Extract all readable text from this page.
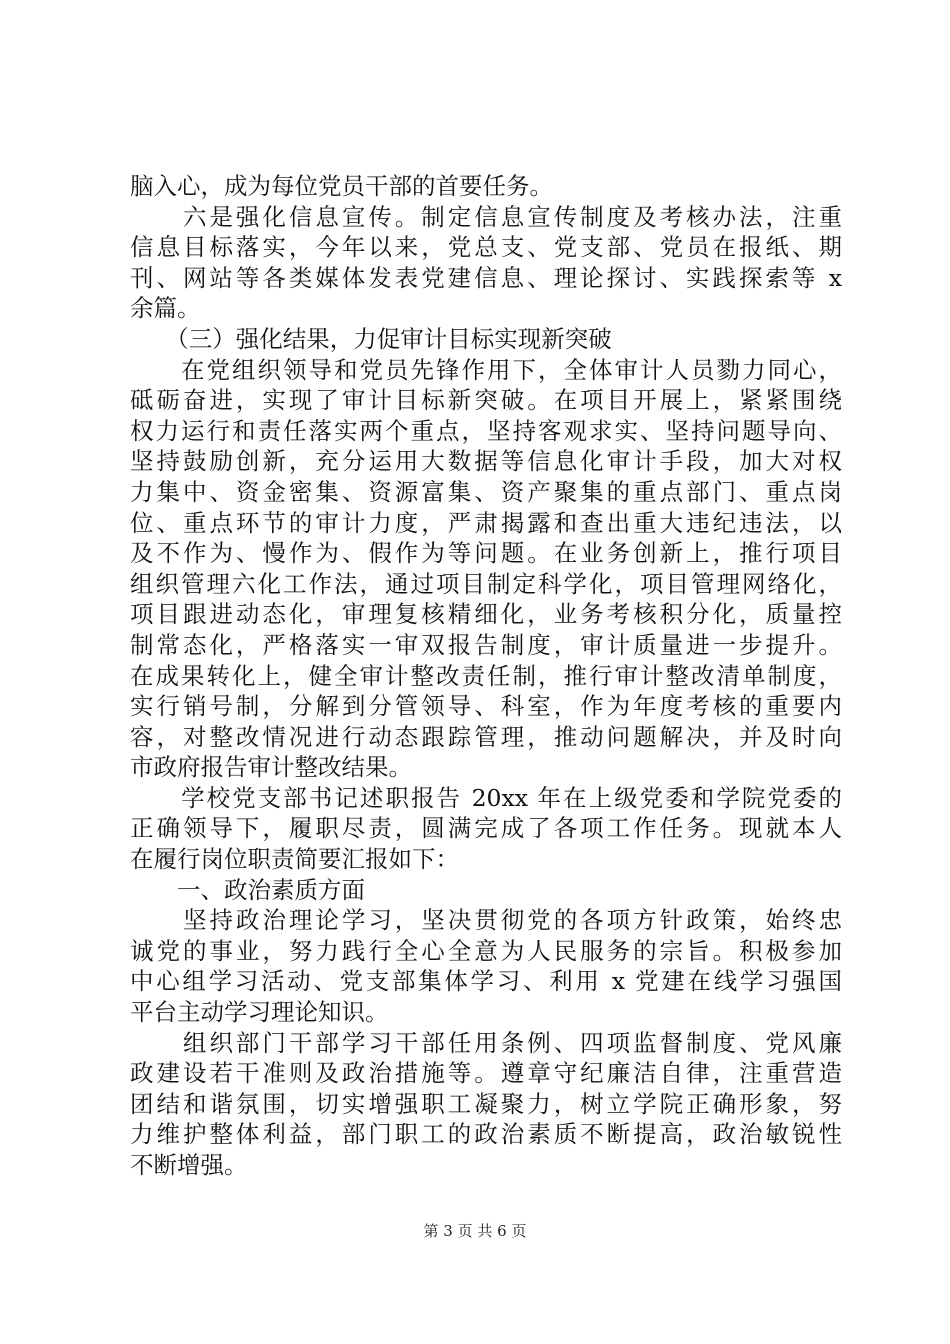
脑入心，成为每位党员干部的首要任务。
　　六是强化信息宣传。制定信息宣传制度及考核办法，注重
信息目标落实，今年以来，党总支、党支部、党员在报纸、期
刊、网站等各类媒体发表党建信息、理论探讨、实践探索等 x
余篇。
　　（三）强化结果，力促审计目标实现新突破
　　在党组织领导和党员先锋作用下，全体审计人员勠力同心，
砥砺奋进，实现了审计目标新突破。在项目开展上，紧紧围绕
权力运行和责任落实两个重点，坚持客观求实、坚持问题导向、
坚持鼓励创新，充分运用大数据等信息化审计手段，加大对权
力集中、资金密集、资源富集、资产聚集的重点部门、重点岗
位、重点环节的审计力度，严肃揭露和查出重大违纪违法，以
及不作为、慢作为、假作为等问题。在业务创新上，推行项目
组织管理六化工作法，通过项目制定科学化，项目管理网络化，
项目跟进动态化，审理复核精细化，业务考核积分化，质量控
制常态化，严格落实一审双报告制度，审计质量进一步提升。
在成果转化上，健全审计整改责任制，推行审计整改清单制度，
实行销号制，分解到分管领导、科室，作为年度考核的重要内
容，对整改情况进行动态跟踪管理，推动问题解决，并及时向
市政府报告审计整改结果。
　　学校党支部书记述职报告 20xx 年在上级党委和学院党委的
正确领导下，履职尽责，圆满完成了各项工作任务。现就本人
在履行岗位职责简要汇报如下：
　　一、政治素质方面
　　坚持政治理论学习，坚决贯彻党的各项方针政策，始终忠
诚党的事业，努力践行全心全意为人民服务的宗旨。积极参加
中心组学习活动、党支部集体学习、利用 x 党建在线学习强国
平台主动学习理论知识。
　　组织部门干部学习干部任用条例、四项监督制度、党风廉
政建设若干准则及政治措施等。遵章守纪廉洁自律，注重营造
团结和谐氛围，切实增强职工凝聚力，树立学院正确形象，努
力维护整体利益，部门职工的政治素质不断提高，政治敏锐性
不断增强。
第 3 页 共 6 页
